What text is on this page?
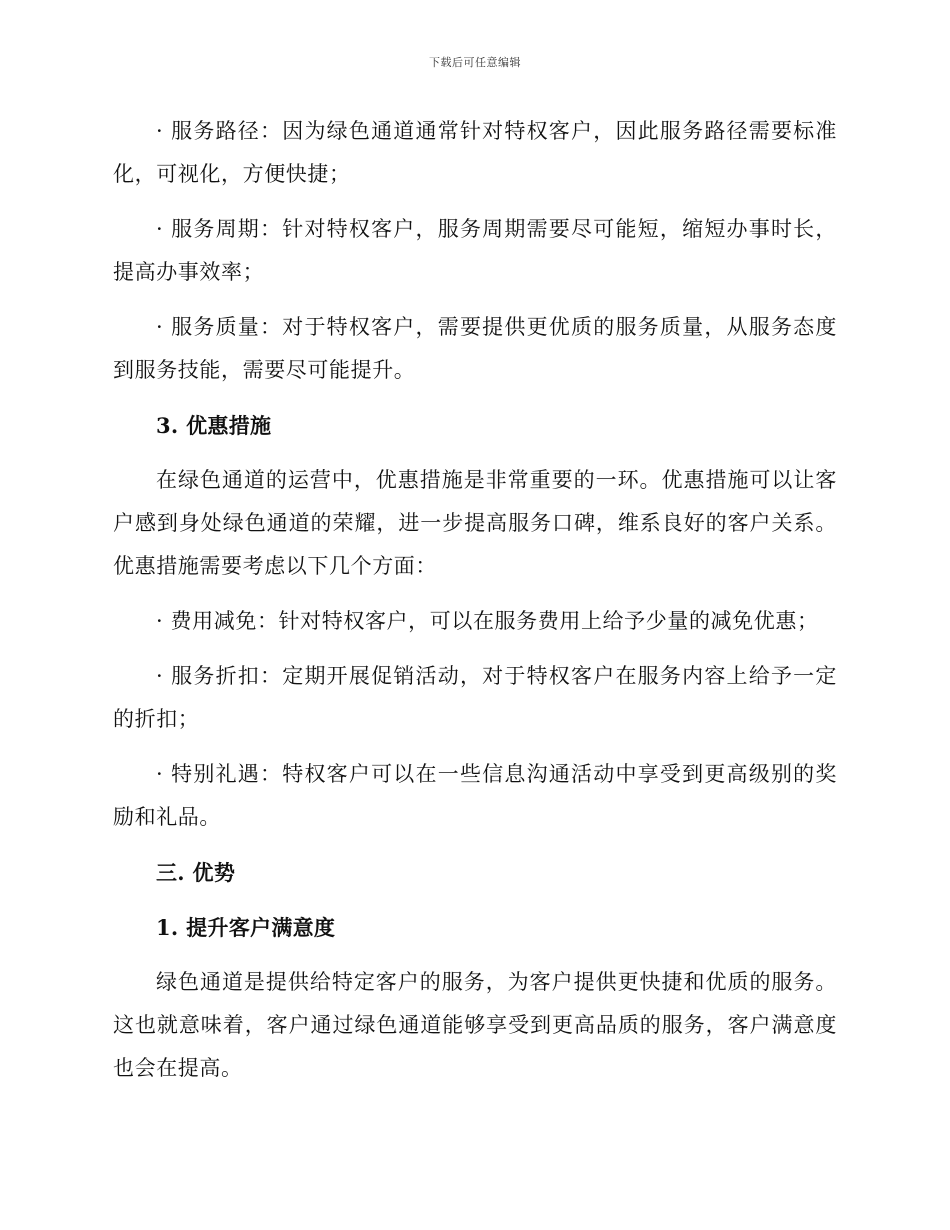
下载后可任意编辑

· 服务路径：因为绿色通道通常针对特权客户，因此服务路径需要标准化，可视化，方便快捷；

· 服务周期：针对特权客户，服务周期需要尽可能短，缩短办事时长，提高办事效率；

· 服务质量：对于特权客户，需要提供更优质的服务质量，从服务态度到服务技能，需要尽可能提升。

3. 优惠措施

在绿色通道的运营中，优惠措施是非常重要的一环。优惠措施可以让客户感到身处绿色通道的荣耀，进一步提高服务口碑，维系良好的客户关系。优惠措施需要考虑以下几个方面：

· 费用减免：针对特权客户，可以在服务费用上给予少量的减免优惠；

· 服务折扣：定期开展促销活动，对于特权客户在服务内容上给予一定的折扣；

· 特别礼遇：特权客户可以在一些信息沟通活动中享受到更高级别的奖励和礼品。

三. 优势
1. 提升客户满意度

绿色通道是提供给特定客户的服务，为客户提供更快捷和优质的服务。这也就意味着，客户通过绿色通道能够享受到更高品质的服务，客户满意度也会在提高。
